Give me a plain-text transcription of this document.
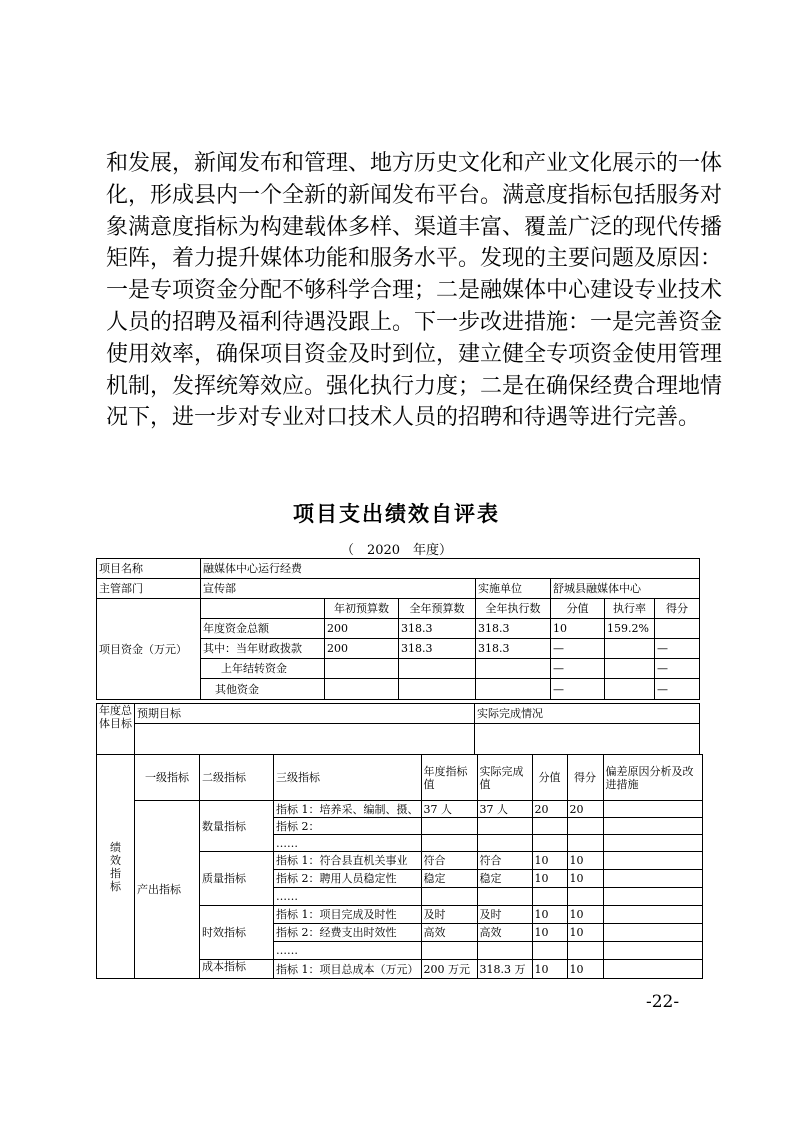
和发展，新闻发布和管理、地方历史文化和产业文化展示的一体
化，形成县内一个全新的新闻发布平台。满意度指标包括服务对
象满意度指标为构建载体多样、渠道丰富、覆盖广泛的现代传播
矩阵，着力提升媒体功能和服务水平。发现的主要问题及原因：
一是专项资金分配不够科学合理；二是融媒体中心建设专业技术
人员的招聘及福利待遇没跟上。下一步改进措施：一是完善资金
使用效率，确保项目资金及时到位，建立健全专项资金使用管理
机制，发挥统筹效应。强化执行力度；二是在确保经费合理地情
况下，进一步对专业对口技术人员的招聘和待遇等进行完善。
项目支出绩效自评表
（　2020　年度）
项目名称	融媒体中心运行经费						
主管部门	宣传部			实施单位	舒城县融媒体中心		
项目资金（万元）		年初预算数	全年预算数	全年执行数	分值	执行率	得分
	年度资金总额	200	318.3	318.3	10	159.2%	
	其中：当年财政拨款	200	318.3	318.3	—		—
	上年结转资金				—		—
	其他资金				—		—
年度总体目标	预期目标	实际完成情况

绩效指标	一级指标	二级指标	三级指标	年度指标值	实际完成值	分值	得分	偏差原因分析及改进措施
	产出指标	数量指标	指标 1：培养采、编制、摄、	37 人	37 人	20	20	
			指标 2：					
			……					
		质量指标	指标 1：符合县直机关事业	符合	符合	10	10	
			指标 2：聘用人员稳定性	稳定	稳定	10	10	
			……					
		时效指标	指标 1：项目完成及时性	及时	及时	10	10	
			指标 2：经费支出时效性	高效	高效	10	10	
			……					
		成本指标	指标 1：项目总成本（万元）	200 万元	318.3 万	10	10	
-22-
